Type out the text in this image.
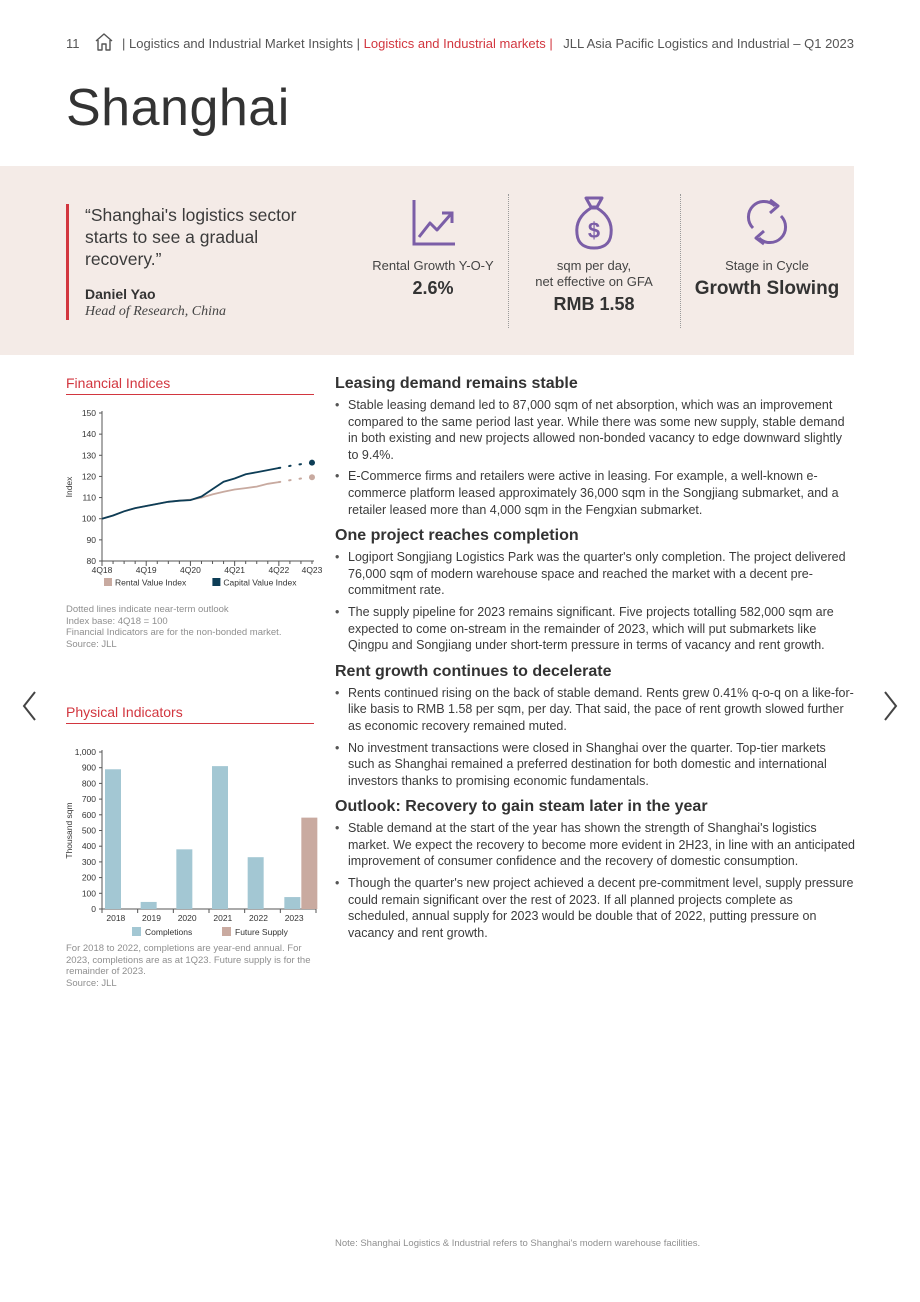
11	| Logistics and Industrial Market Insights | Logistics and Industrial markets | JLL Asia Pacific Logistics and Industrial – Q1 2023
Shanghai
“Shanghai's logistics sector starts to see a gradual recovery.”
Daniel Yao
Head of Research, China
Rental Growth Y-O-Y
2.6%
$
sqm per day,
net effective on GFA
RMB 1.58
Stage in Cycle
Growth Slowing
Financial Indices
80
90
100
110
120
130
140
150
Index
4Q18	4Q19	4Q20	4Q21	4Q22 4Q23
Rental Value Index	Capital Value Index
Dotted lines indicate near-term outlook
Index base: 4Q18 = 100
Financial Indicators are for the non-bonded market.
Source: JLL
Physical Indicators
0
100
200
300
400
500
600
700
800
900
1,000
Thousand sqm
2018 2019 2020 2021 2022 2023
Completions	Future Supply
For 2018 to 2022, completions are year-end annual. For 2023, completions are as at 1Q23. Future supply is for the remainder of 2023.
Source: JLL
Leasing demand remains stable
• Stable leasing demand led to 87,000 sqm of net absorption, which was an improvement compared to the same period last year. While there was some new supply, stable demand in both existing and new projects allowed non-bonded vacancy to edge downward slightly to 9.4%.
• E-Commerce firms and retailers were active in leasing. For example, a well-known e-commerce platform leased approximately 36,000 sqm in the Songjiang submarket, and a retailer leased more than 4,000 sqm in the Fengxian submarket.
One project reaches completion
• Logiport Songjiang Logistics Park was the quarter's only completion. The project delivered 76,000 sqm of modern warehouse space and reached the market with a decent pre-commitment rate.
• The supply pipeline for 2023 remains significant. Five projects totalling 582,000 sqm are expected to come on-stream in the remainder of 2023, which will put submarkets like Qingpu and Songjiang under short-term pressure in terms of vacancy and rent growth.
Rent growth continues to decelerate
• Rents continued rising on the back of stable demand. Rents grew 0.41% q-o-q on a like-for-like basis to RMB 1.58 per sqm, per day. That said, the pace of rent growth slowed further as economic recovery remained muted.
• No investment transactions were closed in Shanghai over the quarter. Top-tier markets such as Shanghai remained a preferred destination for both domestic and international investors thanks to promising economic fundamentals.
Outlook: Recovery to gain steam later in the year
• Stable demand at the start of the year has shown the strength of Shanghai's logistics market. We expect the recovery to become more evident in 2H23, in line with an anticipated improvement of consumer confidence and the recovery of domestic consumption.
• Though the quarter's new project achieved a decent pre-commitment level, supply pressure could remain significant over the rest of 2023. If all planned projects complete as scheduled, annual supply for 2023 would be double that of 2022, putting pressure on vacancy and rent growth.
Note: Shanghai Logistics & Industrial refers to Shanghai's modern warehouse facilities.
